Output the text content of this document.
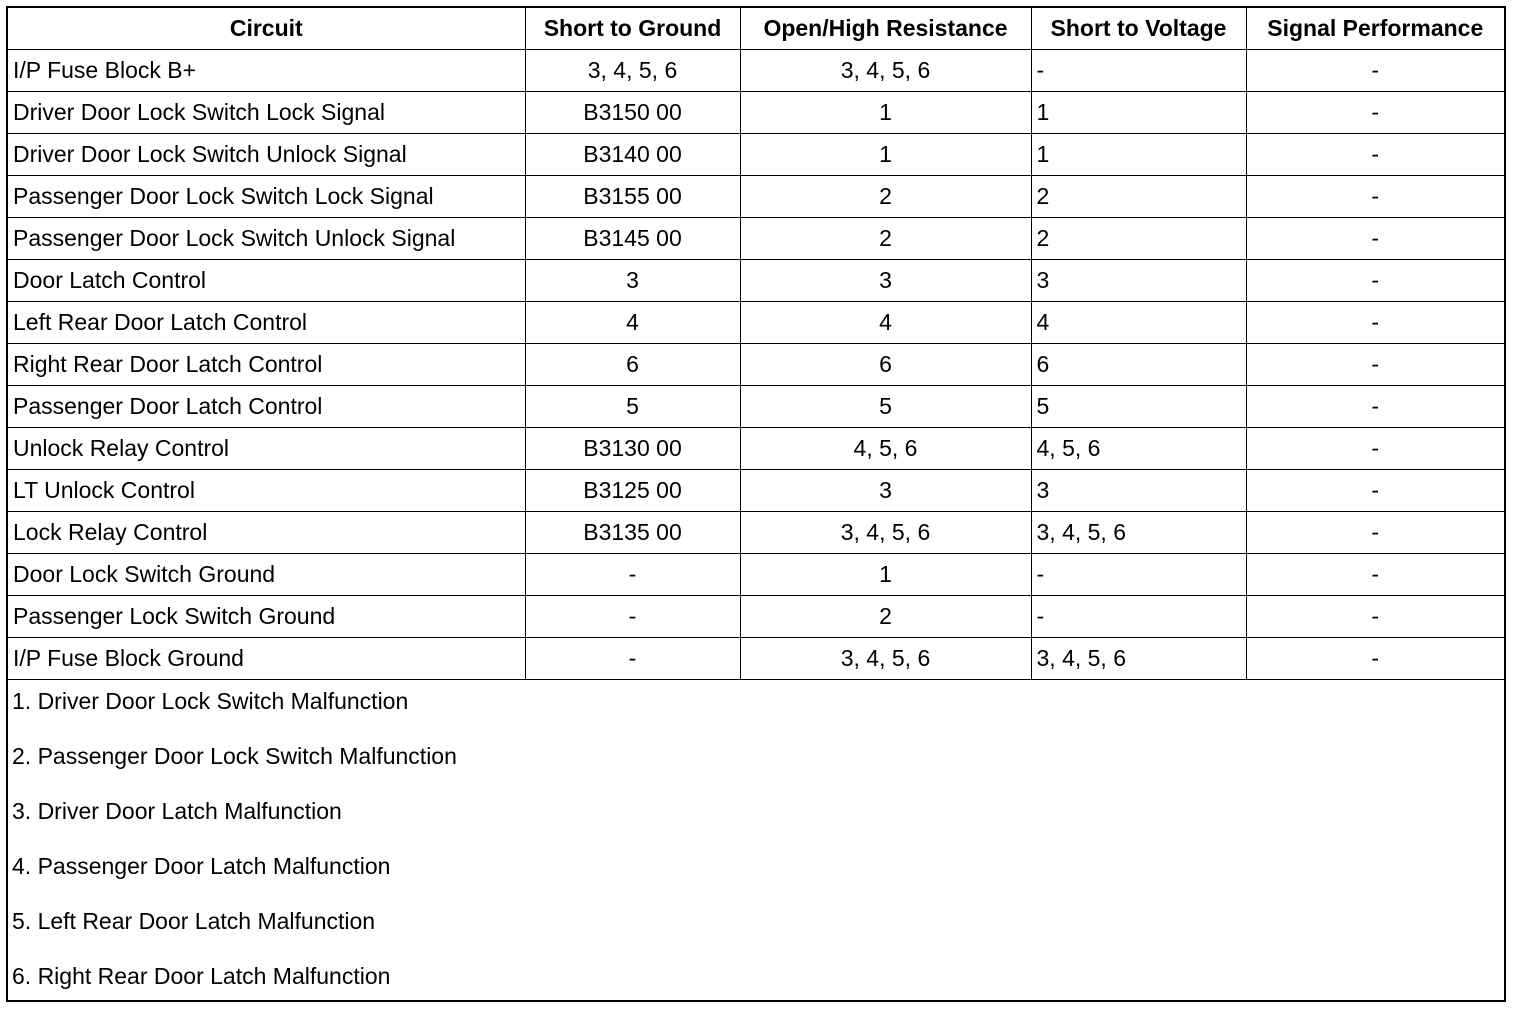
Circuit	Short to Ground	Open/High Resistance	Short to Voltage	Signal Performance
I/P Fuse Block B+	3, 4, 5, 6	3, 4, 5, 6	-	-
Driver Door Lock Switch Lock Signal	B3150 00	1	1	-
Driver Door Lock Switch Unlock Signal	B3140 00	1	1	-
Passenger Door Lock Switch Lock Signal	B3155 00	2	2	-
Passenger Door Lock Switch Unlock Signal	B3145 00	2	2	-
Door Latch Control	3	3	3	-
Left Rear Door Latch Control	4	4	4	-
Right Rear Door Latch Control	6	6	6	-
Passenger Door Latch Control	5	5	5	-
Unlock Relay Control	B3130 00	4, 5, 6	4, 5, 6	-
LT Unlock Control	B3125 00	3	3	-
Lock Relay Control	B3135 00	3, 4, 5, 6	3, 4, 5, 6	-
Door Lock Switch Ground	-	1	-	-
Passenger Lock Switch Ground	-	2	-	-
I/P Fuse Block Ground	-	3, 4, 5, 6	3, 4, 5, 6	-
1. Driver Door Lock Switch Malfunction
2. Passenger Door Lock Switch Malfunction
3. Driver Door Latch Malfunction
4. Passenger Door Latch Malfunction
5. Left Rear Door Latch Malfunction
6. Right Rear Door Latch Malfunction
